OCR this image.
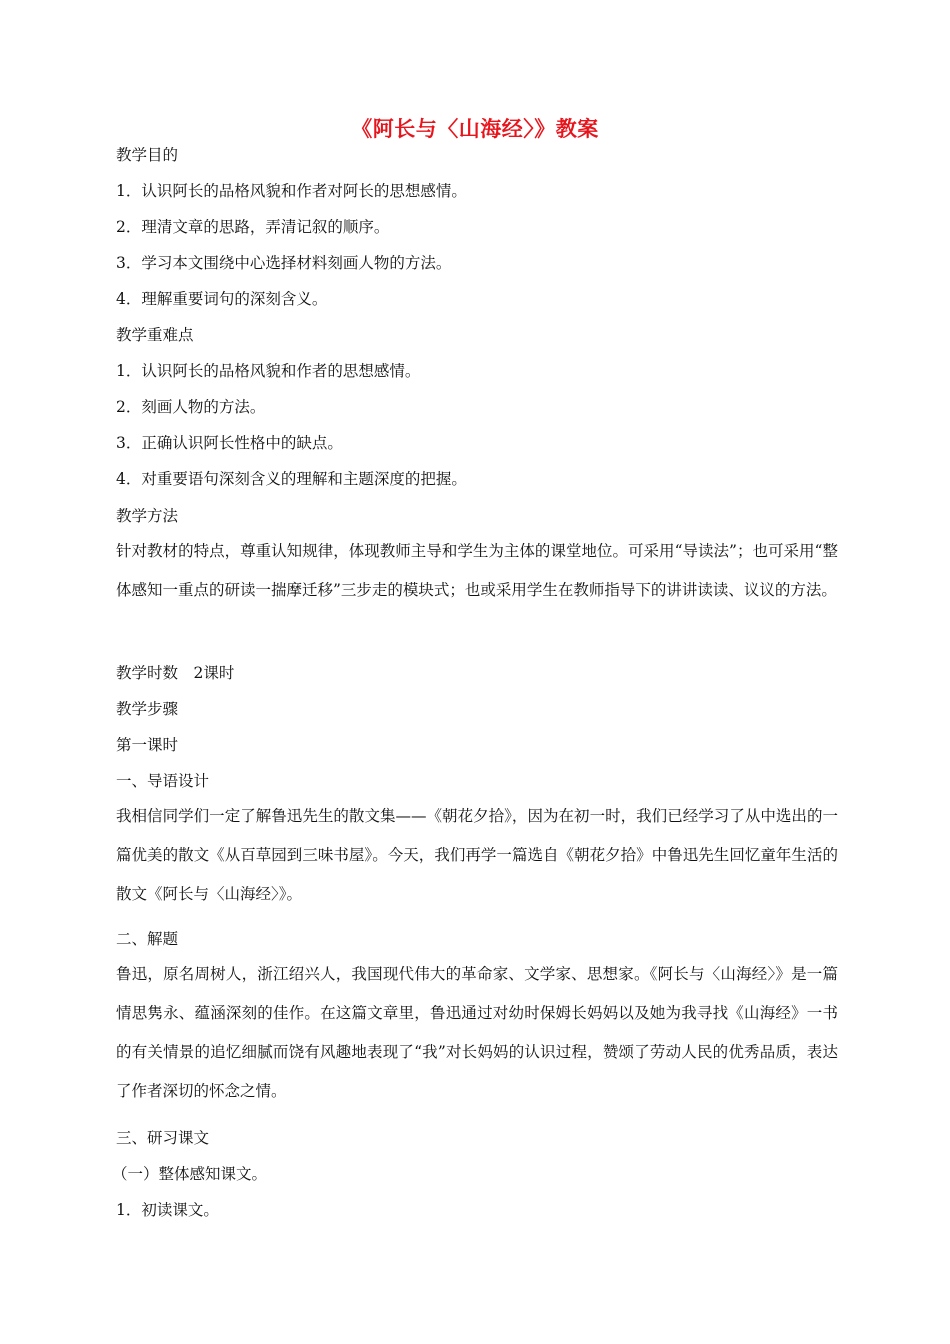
《阿长与〈山海经〉》教案
教学目的
1．认识阿长的品格风貌和作者对阿长的思想感情。
2．理清文章的思路，弄清记叙的顺序。
3．学习本文围绕中心选择材料刻画人物的方法。
4．理解重要词句的深刻含义。
教学重难点
1．认识阿长的品格风貌和作者的思想感情。
2．刻画人物的方法。
3．正确认识阿长性格中的缺点。
4．对重要语句深刻含义的理解和主题深度的把握。
教学方法
针对教材的特点，尊重认知规律，体现教师主导和学生为主体的课堂地位。可采用“导读法”；也可采用“整体感知一重点的研读一揣摩迁移”三步走的模块式；也或采用学生在教师指导下的讲讲读读、议议的方法。
教学时数　2课时
教学步骤
第一课时
一、导语设计
我相信同学们一定了解鲁迅先生的散文集——《朝花夕拾》，因为在初一时，我们已经学习了从中选出的一篇优美的散文《从百草园到三味书屋》。今天，我们再学一篇选自《朝花夕拾》中鲁迅先生回忆童年生活的散文《阿长与〈山海经〉》。
二、解题
鲁迅，原名周树人，浙江绍兴人，我国现代伟大的革命家、文学家、思想家。《阿长与〈山海经〉》是一篇情思隽永、蕴涵深刻的佳作。在这篇文章里，鲁迅通过对幼时保姆长妈妈以及她为我寻找《山海经》一书的有关情景的追忆细腻而饶有风趣地表现了“我”对长妈妈的认识过程，赞颂了劳动人民的优秀品质，表达了作者深切的怀念之情。
三、研习课文
（一）整体感知课文。
1．初读课文。
